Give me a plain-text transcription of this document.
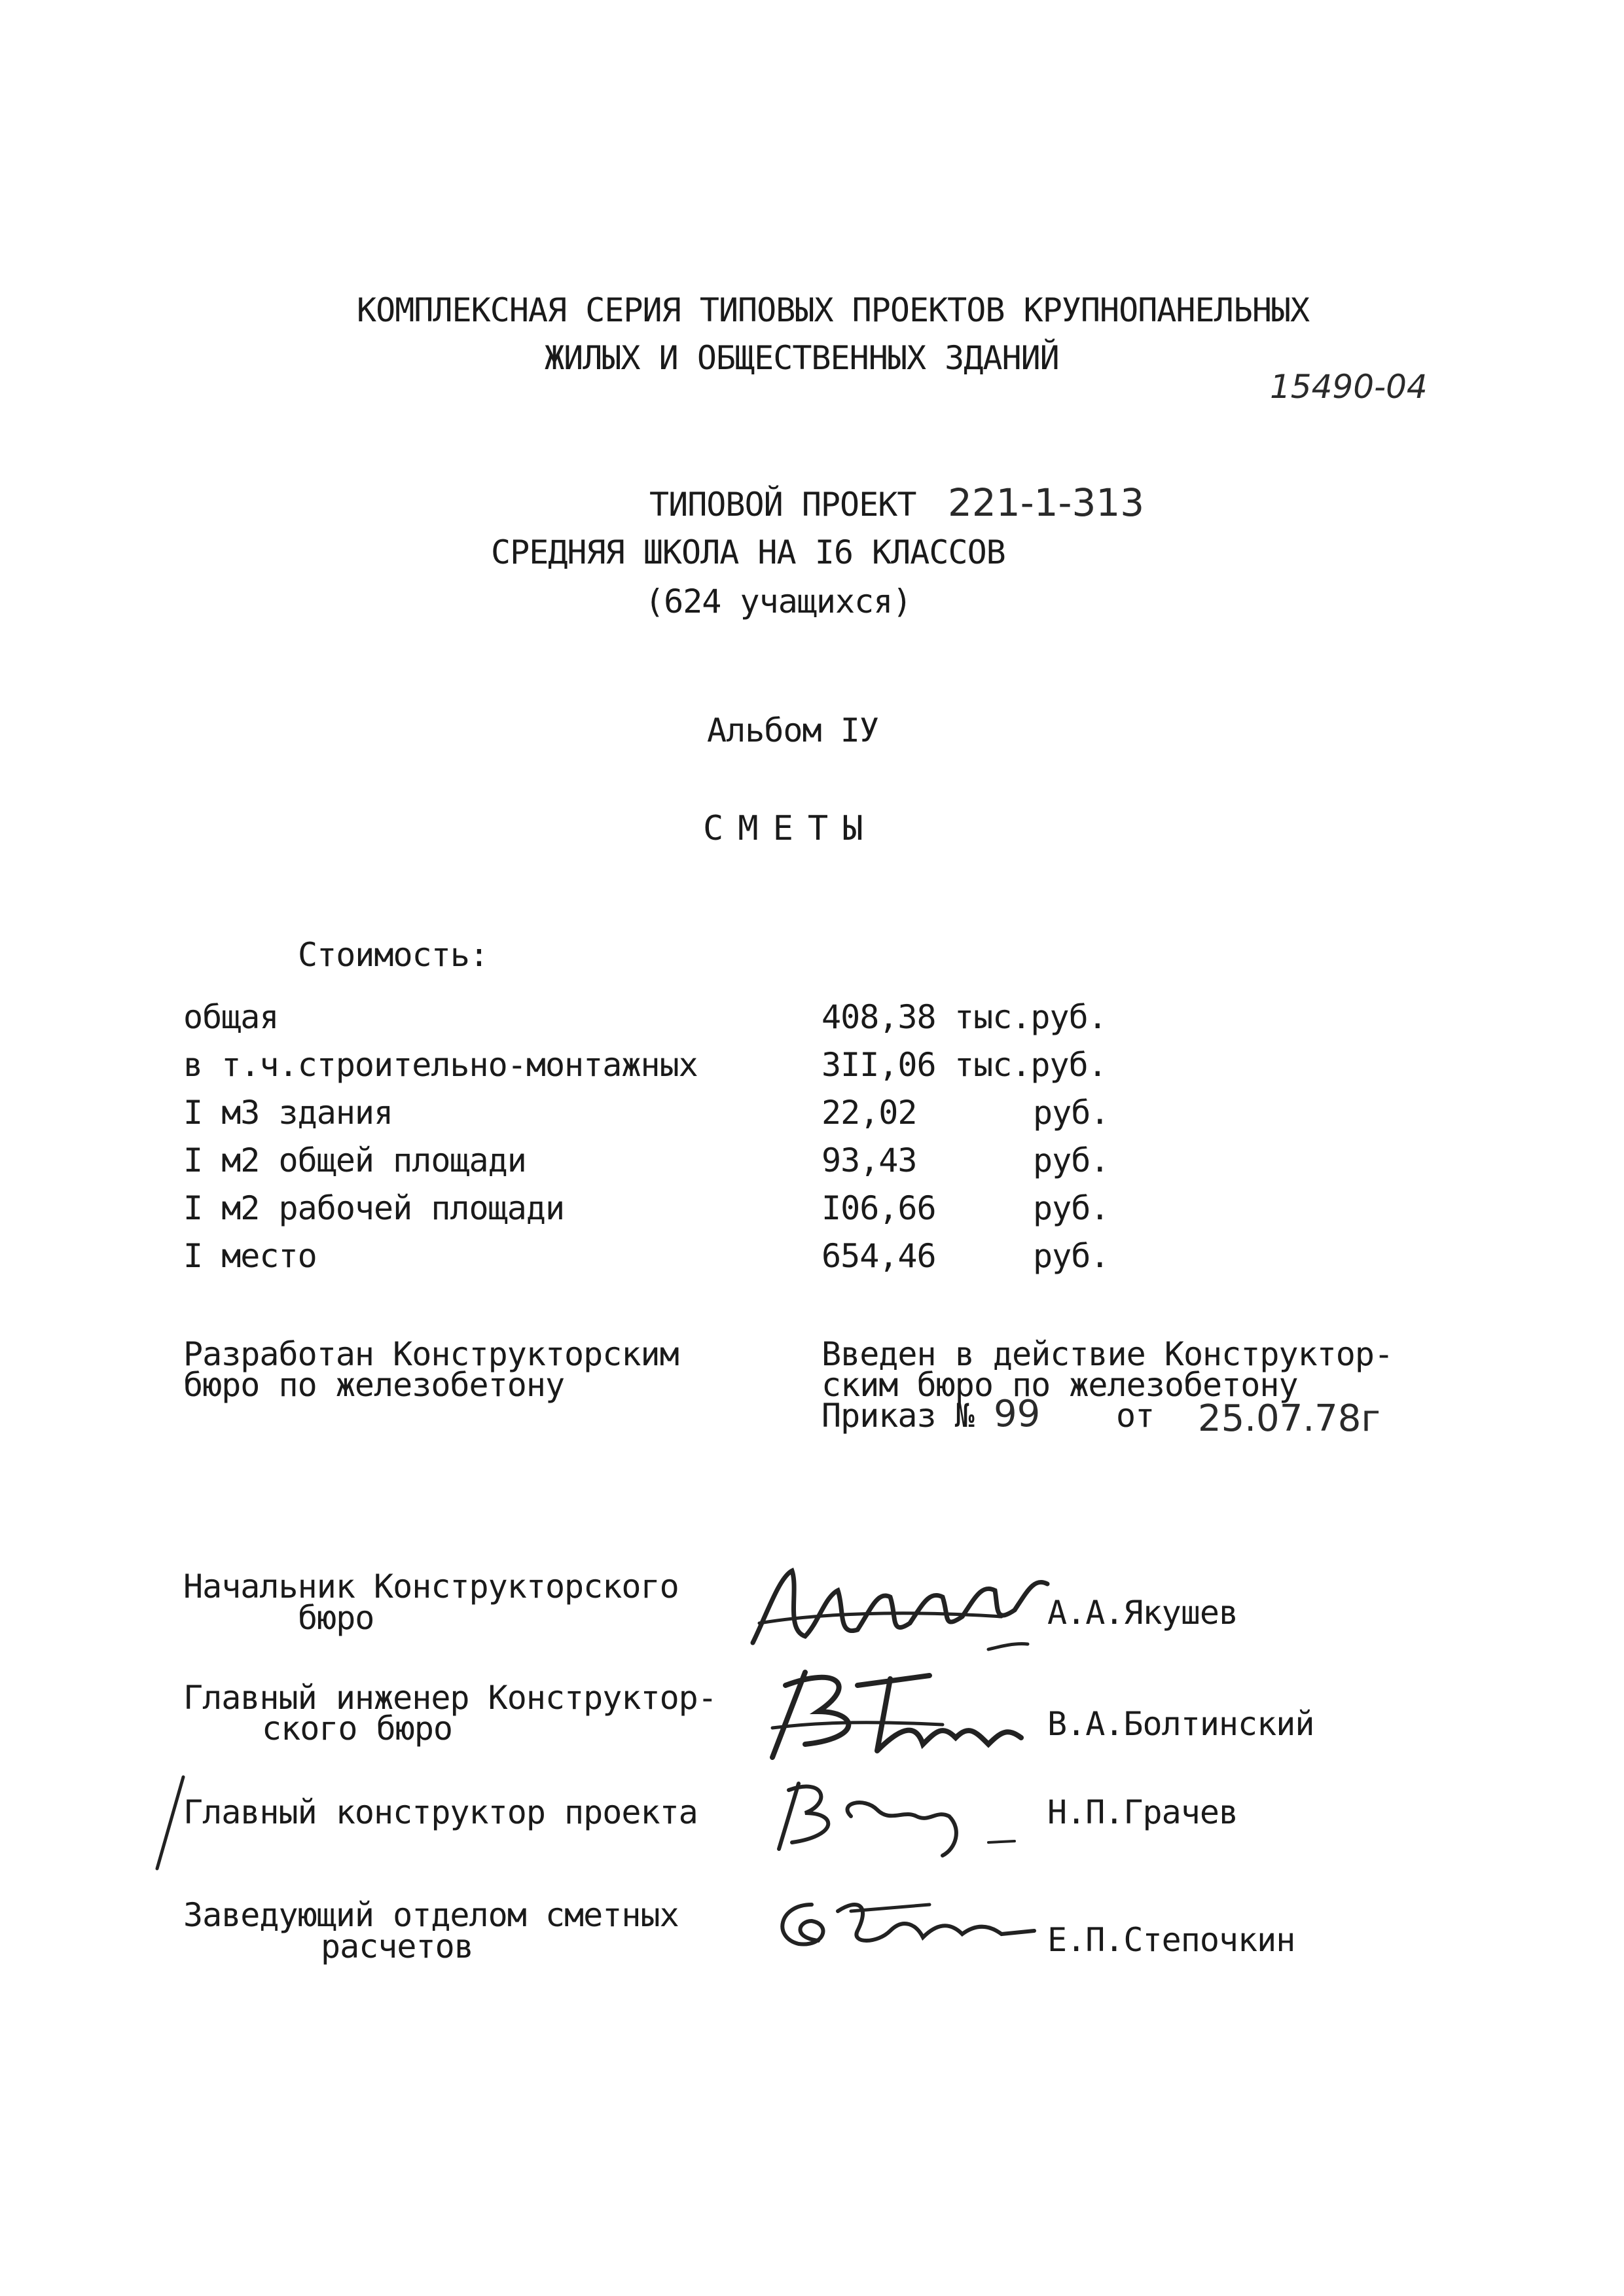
КОМПЛЕКСНАЯ СЕРИЯ ТИПОВЫХ ПРОЕКТОВ КРУПНОПАНЕЛЬНЫХ
ЖИЛЫХ И ОБЩЕСТВЕННЫХ ЗДАНИЙ
15490-04
ТИПОВОЙ ПРОЕКТ 221-1-313
СРЕДНЯЯ ШКОЛА НА I6 КЛАССОВ
(624 учащихся)
Альбом IУ
СМЕТЫ
Стоимость:
общая	408,38 тыс.руб.
в т.ч.строительно-монтажных	3II,06 тыс.руб.
I м3 здания	22,02	руб.
I м2 общей площади	93,43	руб.
I м2 рабочей площади	I06,66	руб.
I место	654,46	руб.
Разработан Конструкторским
бюро по железобетону
Введен в действие Конструктор-
ским бюро по железобетону
Приказ № 99 от 25.07.78г
Начальник Конструкторского
бюро	А.А.Якушев
Главный инженер Конструктор-
ского бюро	В.А.Болтинский
Главный конструктор проекта	Н.П.Грачев
Заведующий отделом сметных
расчетов	Е.П.Степочкин
